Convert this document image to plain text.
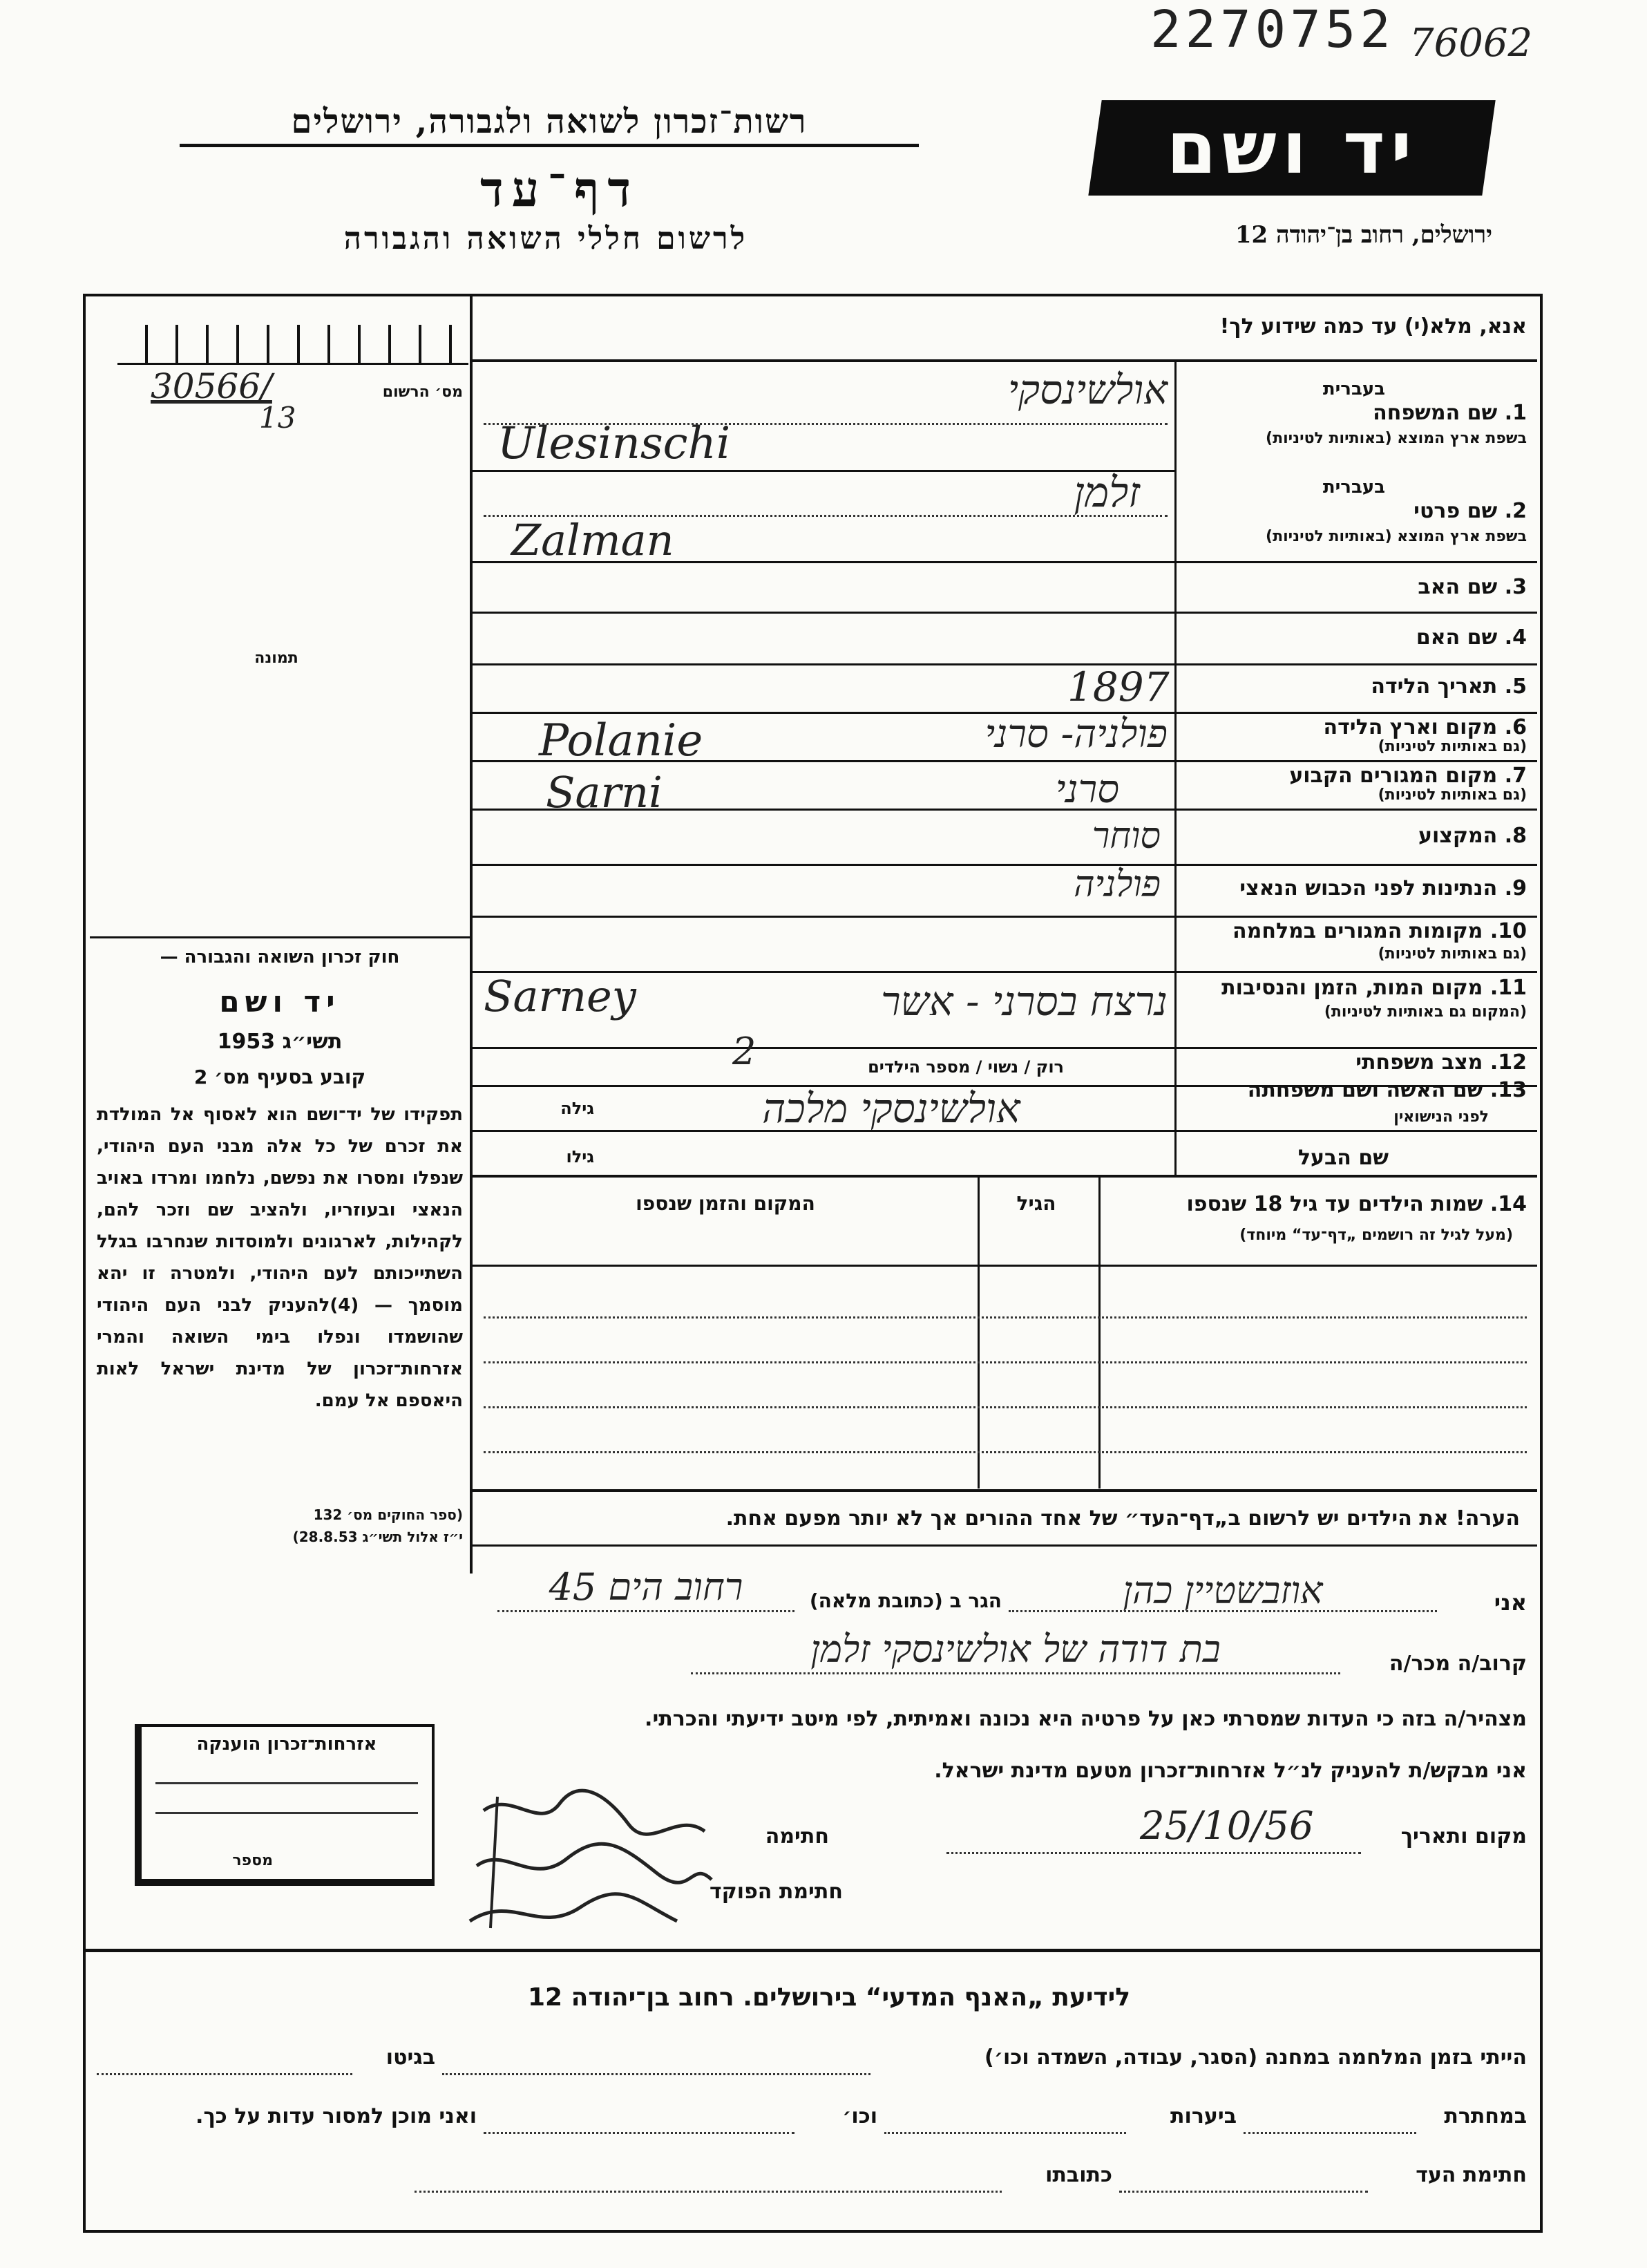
2270752 76062
רשות־זכרון לשואה ולגבורה, ירושלים
דף־עד
לרשום חללי השואה והגבורה
יד ושם
ירושלים, רחוב בן־יהודה 12
מס׳ הרשום
30566/
13
תמונה
חוק זכרון השואה והגבורה —
יד ושם
תשי״ג 1953
קובע בסעיף מס׳ 2
תפקידו של יד־ושם הוא לאסוף אל המולדת את זכרם של כל אלה מבני העם היהודי, שנפלו ומסרו את נפשם, נלחמו ומרדו באויב הנאצי ובעוזריו, ולהציב שם וזכר להם, לקהילות, לארגונים ולמוסדות שנחרבו בגלל השתייכותם לעם היהודי, ולמטרה זו יהא מוסמך — (4)להעניק לבני העם היהודי שהושמדו ונפלו בימי השואה והמרי אזרחות־זכרון של מדינת ישראל לאות היאספם אל עמם.
(ספר החוקים מס׳ 132
י״ז אלול תשי״ג 28.8.53)
אנא, מלא(י) עד כמה שידוע לך!
1. שם המשפחה
בשפת ארץ המוצא (באותיות לטיניות)
בעברית
אולשינסקי
Ulesinschi
2. שם פרטי
בשפת ארץ המוצא (באותיות לטיניות)
בעברית
זלמן
Zalman
3. שם האב
4. שם האם
5. תאריך הלידה
1897
6. מקום וארץ הלידה
(גם באותיות לטיניות)
פולניה- סרני
Polanie
7. מקום המגורים הקבוע
(גם באותיות לטיניות)
סרני
Sarni
8. המקצוע
סוחר
9. הנתינות לפני הכבוש הנאצי
פולניה
10. מקומות המגורים במלחמה
(גם באותיות לטיניות)
11. מקום המות, הזמן והנסיבות
(המקום גם באותיות לטיניות)
נרצח בסרני - אשר
Sarney
12. מצב משפחתי
רוק / נשוי / מספר הילדים
2
13. שם האשה ושם משפחתה
לפני הנישואין
גילה	אולשינסקי מלכה
שם הבעל
גילו
14. שמות הילדים עד גיל 18 שנספו
(מעל לגיל זה רושמים „דף־עד“ מיוחד)
הגיל
המקום והזמן שנספו
הערה! את הילדים יש לרשום ב„דף־העד״ של אחד ההורים אך לא יותר מפעם אחת.
אני
אוזבשטיין כהן
הגר ב (כתובת מלאה)
רחוב הים 45
קרוב/ה מכר/ה
בת דודה של אולשינסקי זלמן
מצהיר/ה בזה כי העדות שמסרתי כאן על פרטיה היא נכונה ואמיתית, לפי מיטב ידיעתי והכרתי.
אני מבקש/ת להעניק לנ״ל אזרחות־זכרון מטעם מדינת ישראל.
מקום ותאריך
25/10/56
חתימה
חתימת הפוקד
אזרחות־זכרון הוענקה
מספר
לידיעת „האנף המדעי“ בירושלים. רחוב בן־יהודה 12
הייתי בזמן המלחמה במחנה (הסגר, עבודה, השמדה וכו׳)
בגיטו
במחתרת
ביערות
וכו׳
ואני מוכן למסור עדות על כך.
חתימת העד
כתובתו
